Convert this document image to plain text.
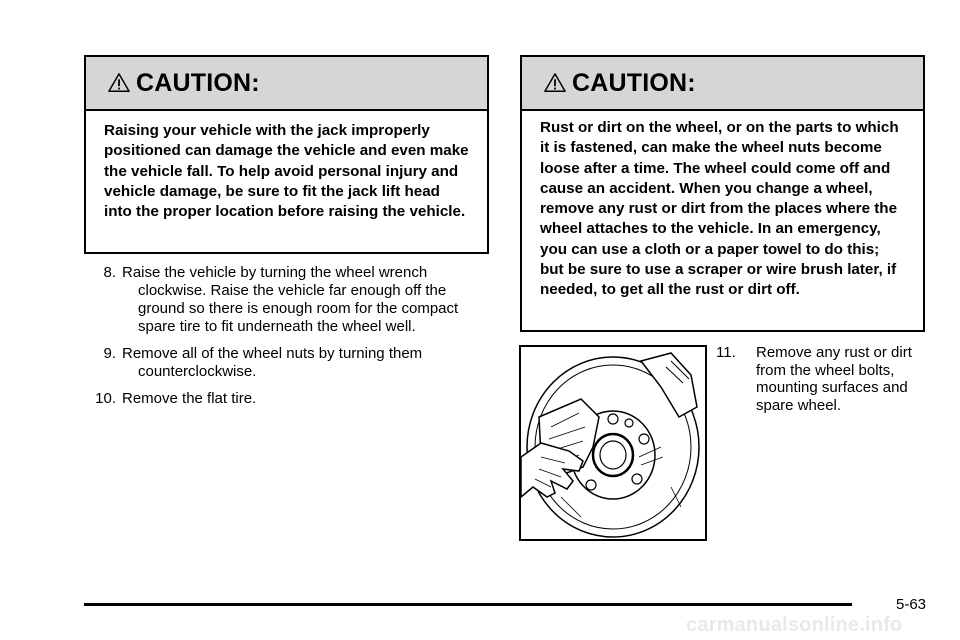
CAUTION:
Raising your vehicle with the jack improperly positioned can damage the vehicle and even make the vehicle fall. To help avoid personal injury and vehicle damage, be sure to fit the jack lift head into the proper location before raising the vehicle.
CAUTION:
Rust or dirt on the wheel, or on the parts to which it is fastened, can make the wheel nuts become loose after a time. The wheel could come off and cause an accident. When you change a wheel, remove any rust or dirt from the places where the wheel attaches to the vehicle. In an emergency, you can use a cloth or a paper towel to do this; but be sure to use a scraper or wire brush later, if needed, to get all the rust or dirt off.
8. Raise the vehicle by turning the wheel wrench clockwise. Raise the vehicle far enough off the ground so there is enough room for the compact spare tire to fit underneath the wheel well.
9. Remove all of the wheel nuts by turning them counterclockwise.
10. Remove the flat tire.
11. Remove any rust or dirt from the wheel bolts, mounting surfaces and spare wheel.
5-63
carmanualsonline.info
